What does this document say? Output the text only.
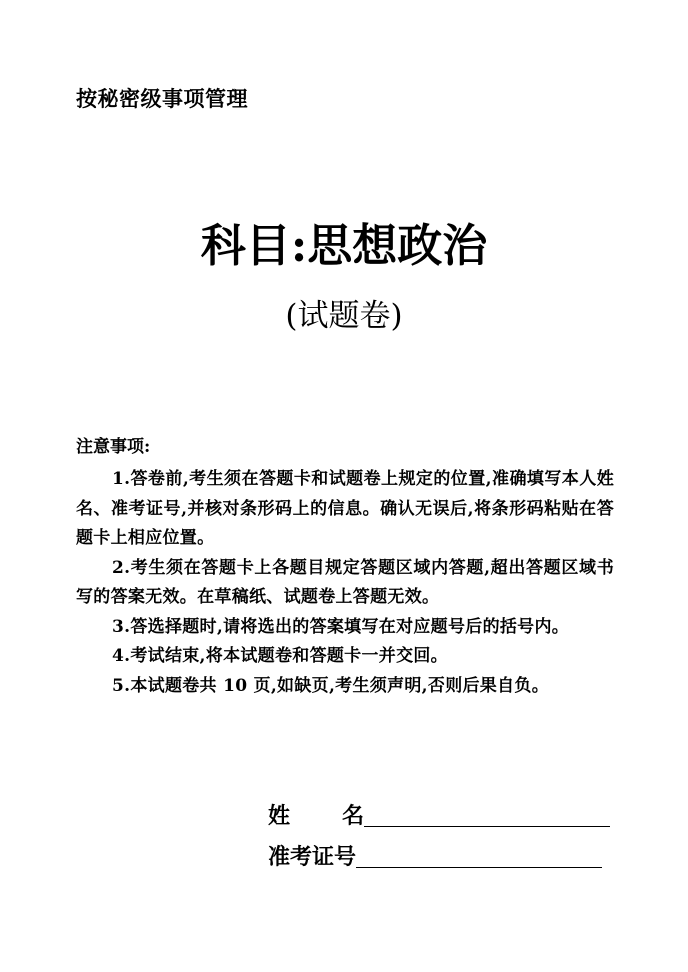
按秘密级事项管理
科目:思想政治
(试题卷)
注意事项:
1.答卷前,考生须在答题卡和试题卷上规定的位置,准确填写本人姓名、准考证号,并核对条形码上的信息。确认无误后,将条形码粘贴在答题卡上相应位置。
2.考生须在答题卡上各题目规定答题区域内答题,超出答题区域书写的答案无效。在草稿纸、试题卷上答题无效。
3.答选择题时,请将选出的答案填写在对应题号后的括号内。
4.考试结束,将本试题卷和答题卡一并交回。
5.本试题卷共 10 页,如缺页,考生须声明,否则后果自负。
姓 名
准考证号
